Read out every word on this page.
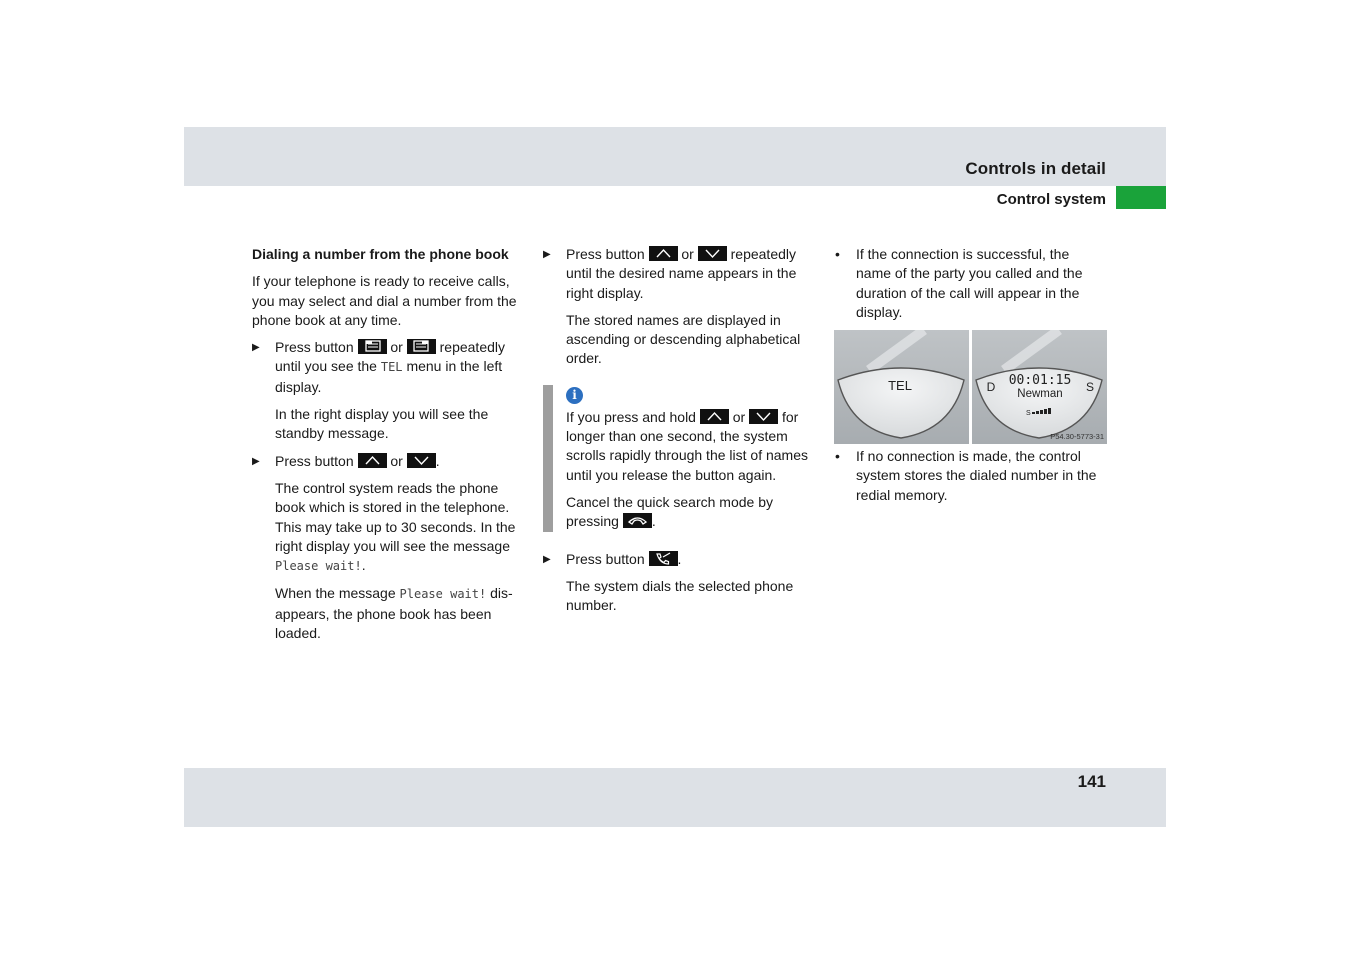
Controls in detail
Control system

Dialing a number from the phone book

If your telephone is ready to receive calls, you may select and dial a number from the phone book at any time.

▶ Press button	or	repeatedly until you see the TEL menu in the left display.

In the right display you will see the standby message.

▶ Press button	or .

The control system reads the phone book which is stored in the telephone. This may take up to 30 seconds. In the right display you will see the message Please wait!.

When the message Please wait! dis-appears, the phone book has been loaded.

▶ Press button	or	repeatedly until the desired name appears in the right display.

The stored names are displayed in ascending or descending alphabetical order.

i

If you press and hold	or	for longer than one second, the system scrolls rapidly through the list of names until you release the button again.

Cancel the quick search mode by pressing .

▶ Press button .

The system dials the selected phone number.

• If the connection is successful, the name of the party you called and the duration of the call will appear in the display.
TEL	D	S
00:01:15
Newman
S
P54.30-5773-31
• If no connection is made, the control system stores the dialed number in the redial memory.
141
